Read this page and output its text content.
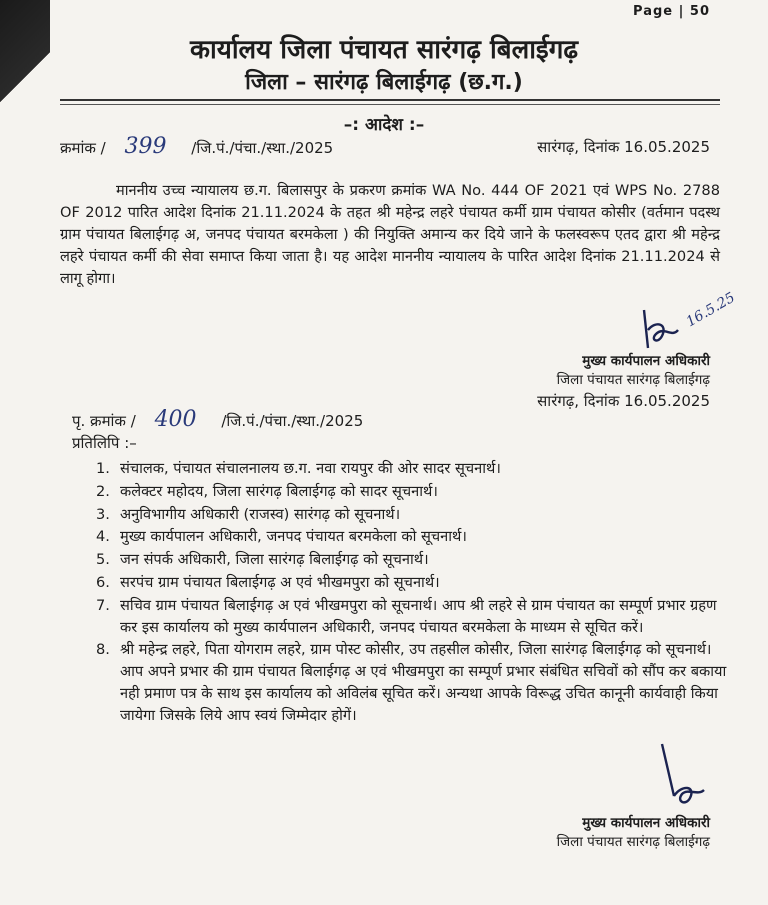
Page | 50
कार्यालय जिला पंचायत सारंगढ़ बिलाईगढ़
जिला – सारंगढ़ बिलाईगढ़ (छ.ग.)
–: आदेश :–
क्रमांक / 399 /जि.पं./पंचा./स्था./2025	सारंगढ़, दिनांक 16.05.2025
माननीय उच्च न्यायालय छ.ग. बिलासपुर के प्रकरण क्रमांक WA No. 444 OF 2021 एवं WPS No. 2788 OF 2012 पारित आदेश दिनांक 21.11.2024 के तहत श्री महेन्द्र लहरे पंचायत कर्मी ग्राम पंचायत कोसीर (वर्तमान पदस्थ ग्राम पंचायत बिलाईगढ़ अ, जनपद पंचायत बरमकेला ) की नियुक्ति अमान्य कर दिये जाने के फलस्वरूप एतद द्वारा श्री महेन्द्र लहरे पंचायत कर्मी की सेवा समाप्त किया जाता है। यह आदेश माननीय न्यायालय के पारित आदेश दिनांक 21.11.2024 से लागू होगा।
16.5.25
मुख्य कार्यपालन अधिकारी
जिला पंचायत सारंगढ़ बिलाईगढ़
सारंगढ़, दिनांक 16.05.2025
पृ. क्रमांक / 400 /जि.पं./पंचा./स्था./2025
प्रतिलिपि :–
1. संचालक, पंचायत संचालनालय छ.ग. नवा रायपुर की ओर सादर सूचनार्थ।
2. कलेक्टर महोदय, जिला सारंगढ़ बिलाईगढ़ को सादर सूचनार्थ।
3. अनुविभागीय अधिकारी (राजस्व) सारंगढ़ को सूचनार्थ।
4. मुख्य कार्यपालन अधिकारी, जनपद पंचायत बरमकेला को सूचनार्थ।
5. जन संपर्क अधिकारी, जिला सारंगढ़ बिलाईगढ़ को सूचनार्थ।
6. सरपंच ग्राम पंचायत बिलाईगढ़ अ एवं भीखमपुरा को सूचनार्थ।
7. सचिव ग्राम पंचायत बिलाईगढ़ अ एवं भीखमपुरा को सूचनार्थ। आप श्री लहरे से ग्राम पंचायत का सम्पूर्ण प्रभार ग्रहण कर इस कार्यालय को मुख्य कार्यपालन अधिकारी, जनपद पंचायत बरमकेला के माध्यम से सूचित करें।
8. श्री महेन्द्र लहरे, पिता योगराम लहरे, ग्राम पोस्ट कोसीर, उप तहसील कोसीर, जिला सारंगढ़ बिलाईगढ़ को सूचनार्थ। आप अपने प्रभार की ग्राम पंचायत बिलाईगढ़ अ एवं भीखमपुरा का सम्पूर्ण प्रभार संबंधित सचिवों को सौंप कर बकाया नही प्रमाण पत्र के साथ इस कार्यालय को अविलंब सूचित करें। अन्यथा आपके विरूद्ध उचित कानूनी कार्यवाही किया जायेगा जिसके लिये आप स्वयं जिम्मेदार होगें।
मुख्य कार्यपालन अधिकारी
जिला पंचायत सारंगढ़ बिलाईगढ़
